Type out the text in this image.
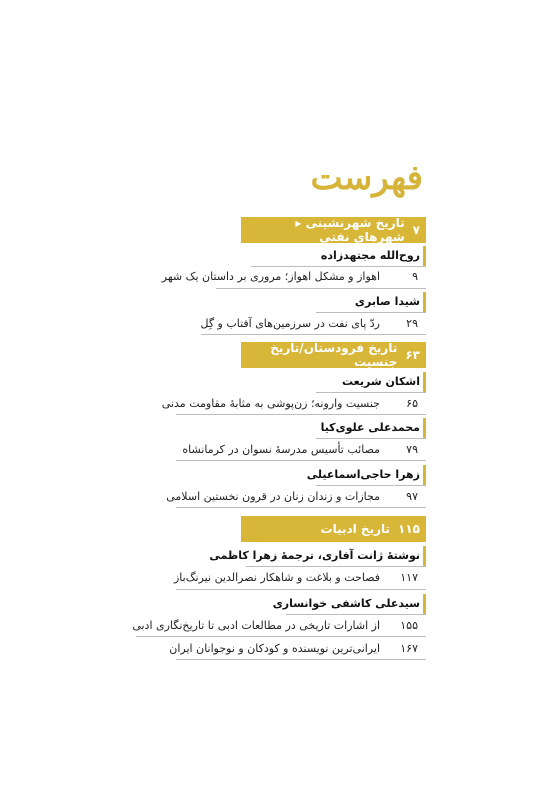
فهرست
۷
تاریخ شهرنشینی ▸ شهرهای نفتی
روح‌الله مجتهدزاده
۹
اهواز و مشکل اهواز؛ مروری بر داستان یک شهر
شیدا صابری
۲۹
ردّ پای نفت در سرزمین‌های آفتاب و گِل
۶۳
تاریخ فرودستان/تاریخ جنسیت
اشکان شریعت
۶۵
جنسیت وارونه؛ زن‌پوشی به مثابهٔ مقاومت مدنی
محمدعلی علوی‌کیا
۷۹
مصائب تأسیس مدرسهٔ نسوان در کرمانشاه
زهرا حاجی‌اسماعیلی
۹۷
مجازات و زندان زنان در قرون نخستین اسلامی
۱۱۵
تاریخ ادبیات
نوشتهٔ ژانت آفاری، ترجمهٔ زهرا کاظمی
۱۱۷
فصاحت و بلاغت و شاهکار نصرالدین نیرنگ‌باز
سیدعلی کاشفی خوانساری
۱۵۵
از اشارات تاریخی در مطالعات ادبی تا تاریخ‌نگاری ادبی
۱۶۷
ایرانی‌ترین نویسنده و کودکان و نوجوانان ایران
